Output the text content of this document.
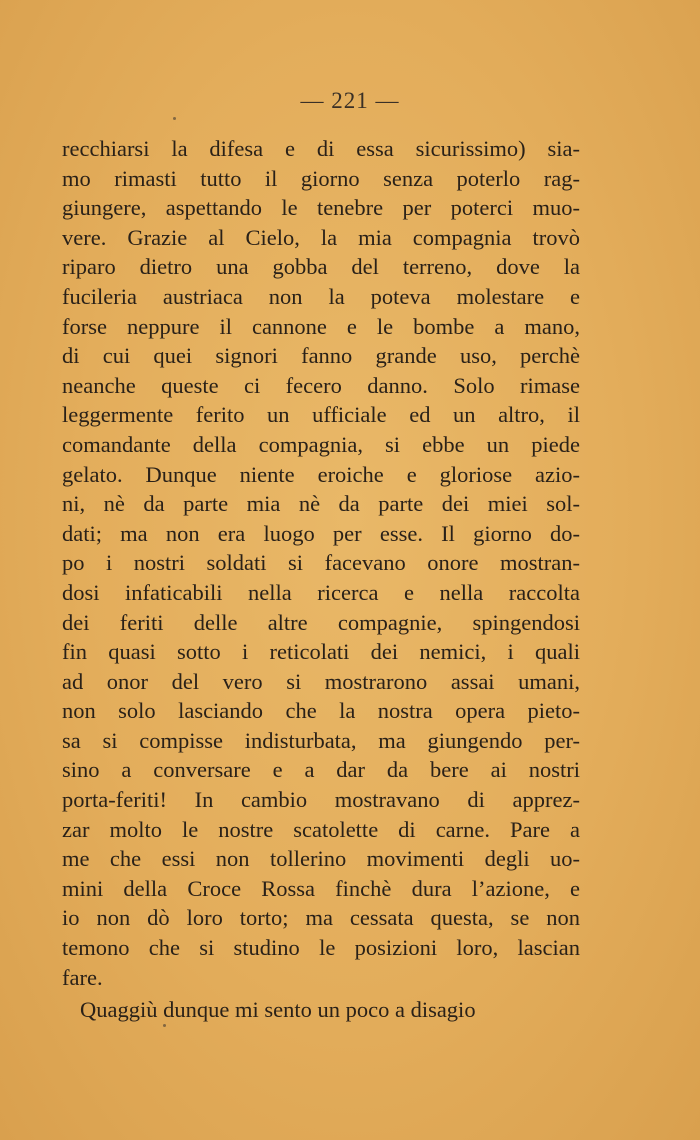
— 221 —
recchiarsi la difesa e di essa sicurissimo) sia-
mo rimasti tutto il giorno senza poterlo rag-
giungere, aspettando le tenebre per poterci muo-
vere. Grazie al Cielo, la mia compagnia trovò
riparo dietro una gobba del terreno, dove la
fucileria austriaca non la poteva molestare e
forse neppure il cannone e le bombe a mano,
di cui quei signori fanno grande uso, perchè
neanche queste ci fecero danno. Solo rimase
leggermente ferito un ufficiale ed un altro, il
comandante della compagnia, si ebbe un piede
gelato. Dunque niente eroiche e gloriose azio-
ni, nè da parte mia nè da parte dei miei sol-
dati; ma non era luogo per esse. Il giorno do-
po i nostri soldati si facevano onore mostran-
dosi infaticabili nella ricerca e nella raccolta
dei feriti delle altre compagnie, spingendosi
fin quasi sotto i reticolati dei nemici, i quali
ad onor del vero si mostrarono assai umani,
non solo lasciando che la nostra opera pieto-
sa si compisse indisturbata, ma giungendo per-
sino a conversare e a dar da bere ai nostri
porta-feriti! In cambio mostravano di apprez-
zar molto le nostre scatolette di carne. Pare a
me che essi non tollerino movimenti degli uo-
mini della Croce Rossa finchè dura l’azione, e
io non dò loro torto; ma cessata questa, se non
temono che si studino le posizioni loro, lascian
fare.
Quaggiù dunque mi sento un poco a disagio
